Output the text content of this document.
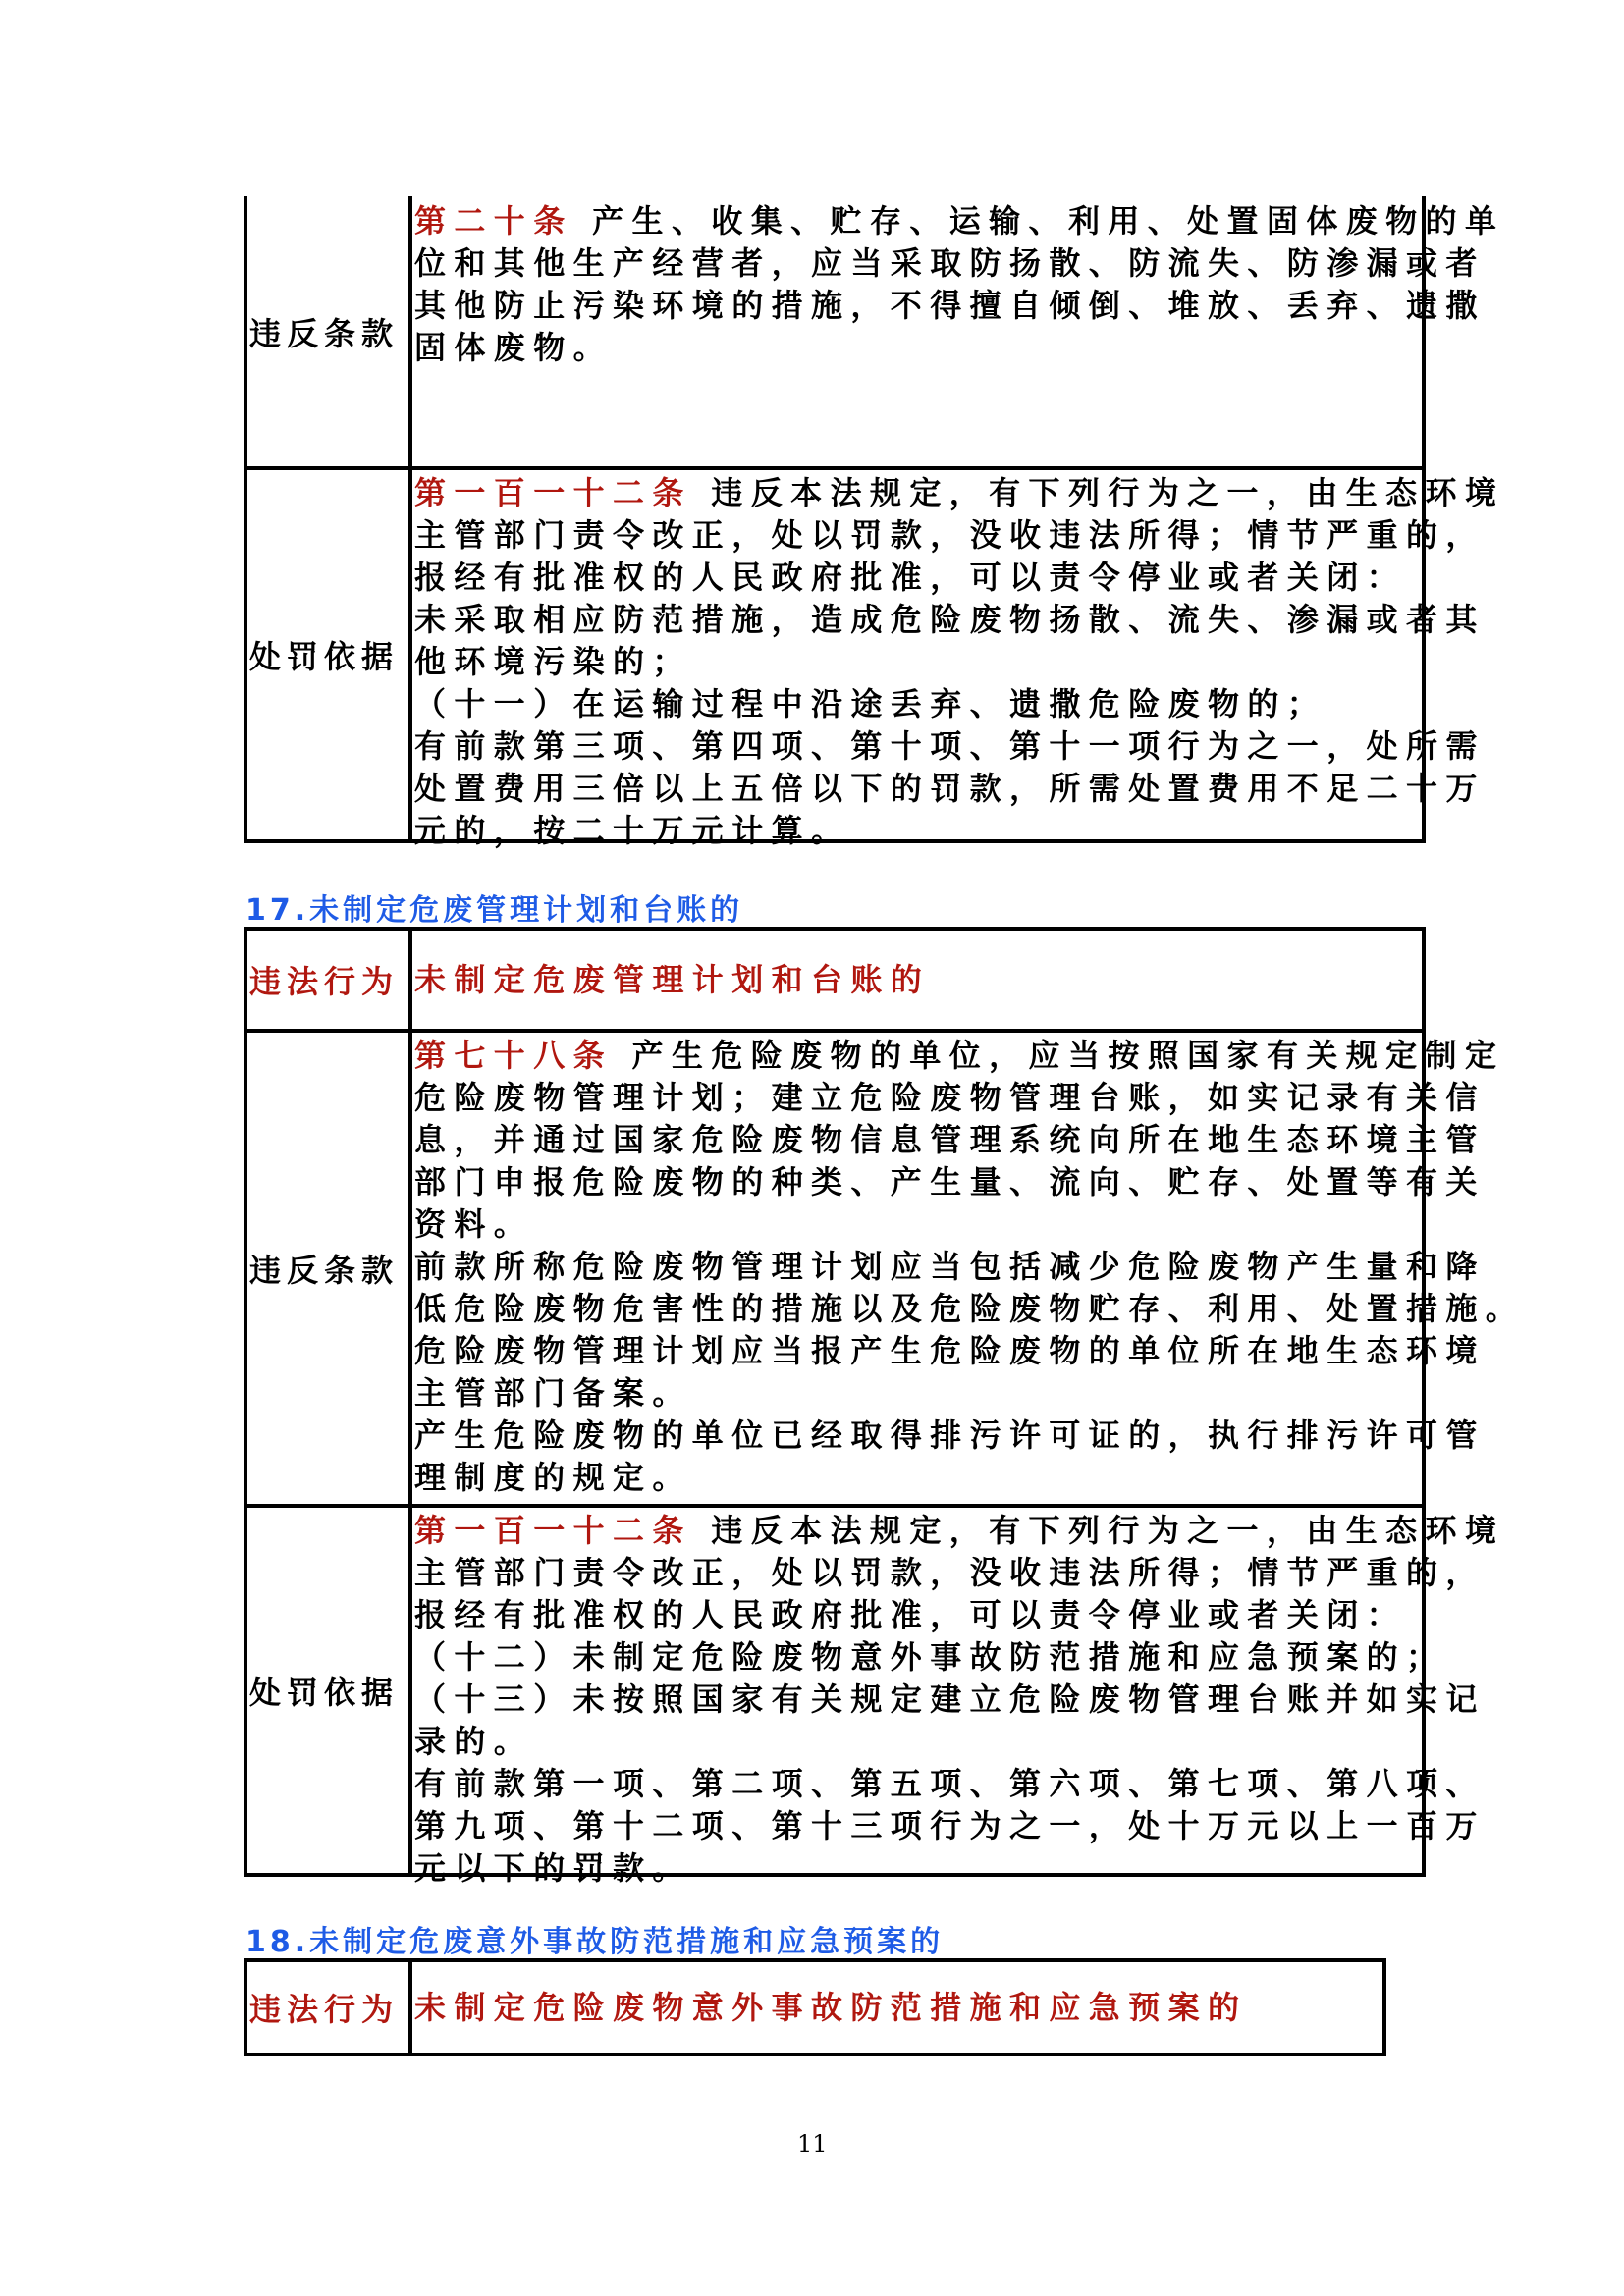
违反条款
第二十条 产生、收集、贮存、运输、利用、处置固体废物的单
位和其他生产经营者，应当采取防扬散、防流失、防渗漏或者
其他防止污染环境的措施，不得擅自倾倒、堆放、丢弃、遗撒
固体废物。
处罚依据
第一百一十二条 违反本法规定，有下列行为之一，由生态环境
主管部门责令改正，处以罚款，没收违法所得；情节严重的，
报经有批准权的人民政府批准，可以责令停业或者关闭：
未采取相应防范措施，造成危险废物扬散、流失、渗漏或者其
他环境污染的；
（十一）在运输过程中沿途丢弃、遗撒危险废物的；
有前款第三项、第四项、第十项、第十一项行为之一，处所需
处置费用三倍以上五倍以下的罚款，所需处置费用不足二十万
元的，按二十万元计算。
17.未制定危废管理计划和台账的
违法行为 未制定危废管理计划和台账的
违反条款
第七十八条 产生危险废物的单位，应当按照国家有关规定制定
危险废物管理计划；建立危险废物管理台账，如实记录有关信
息，并通过国家危险废物信息管理系统向所在地生态环境主管
部门申报危险废物的种类、产生量、流向、贮存、处置等有关
资料。
前款所称危险废物管理计划应当包括减少危险废物产生量和降
低危险废物危害性的措施以及危险废物贮存、利用、处置措施。
危险废物管理计划应当报产生危险废物的单位所在地生态环境
主管部门备案。
产生危险废物的单位已经取得排污许可证的，执行排污许可管
理制度的规定。
处罚依据
第一百一十二条 违反本法规定，有下列行为之一，由生态环境
主管部门责令改正，处以罚款，没收违法所得；情节严重的，
报经有批准权的人民政府批准，可以责令停业或者关闭：
（十二）未制定危险废物意外事故防范措施和应急预案的；
（十三）未按照国家有关规定建立危险废物管理台账并如实记
录的。
有前款第一项、第二项、第五项、第六项、第七项、第八项、
第九项、第十二项、第十三项行为之一，处十万元以上一百万
元以下的罚款。
18.未制定危废意外事故防范措施和应急预案的
违法行为 未制定危险废物意外事故防范措施和应急预案的
11
